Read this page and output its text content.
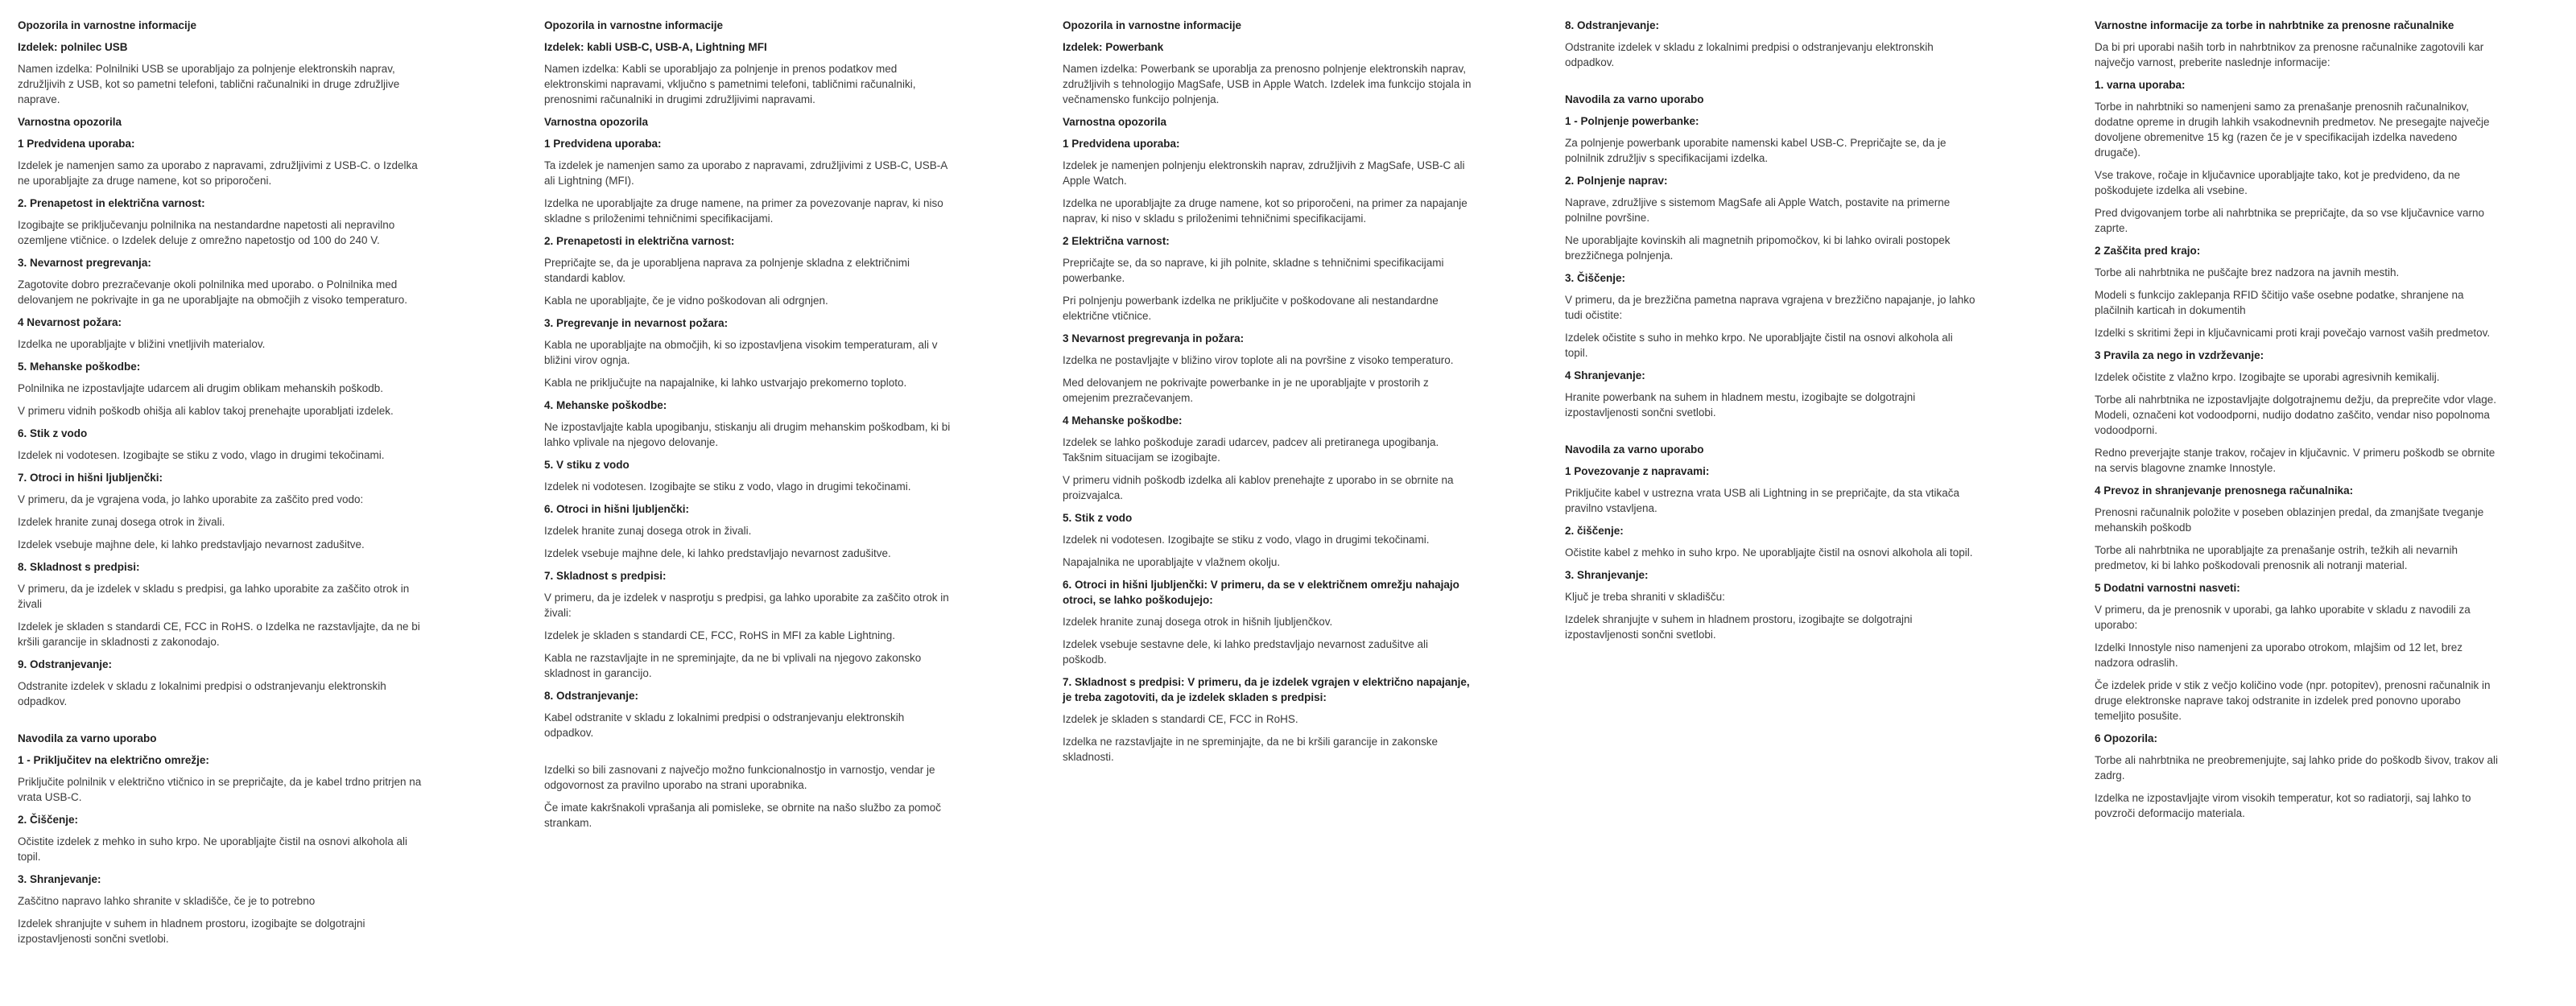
Opozorila in varnostne informacije
Izdelek: polnilec USB
Namen izdelka: Polnilniki USB se uporabljajo za polnjenje elektronskih naprav, združljivih z USB, kot so pametni telefoni, tablični računalniki in druge združljive naprave.
Varnostna opozorila
1 Predvidena uporaba:
Izdelek je namenjen samo za uporabo z napravami, združljivimi z USB-C. o Izdelka ne uporabljajte za druge namene, kot so priporočeni.
2. Prenapetost in električna varnost:
Izogibajte se priključevanju polnilnika na nestandardne napetosti ali nepravilno ozemljene vtičnice. o Izdelek deluje z omrežno napetostjo od 100 do 240 V.
3. Nevarnost pregrevanja:
Zagotovite dobro prezračevanje okoli polnilnika med uporabo. o Polnilnika med delovanjem ne pokrivajte in ga ne uporabljajte na območjih z visoko temperaturo.
4 Nevarnost požara:
Izdelka ne uporabljajte v bližini vnetljivih materialov.
5. Mehanske poškodbe:
Polnilnika ne izpostavljajte udarcem ali drugim oblikam mehanskih poškodb.
V primeru vidnih poškodb ohišja ali kablov takoj prenehajte uporabljati izdelek.
6. Stik z vodo
Izdelek ni vodotesen. Izogibajte se stiku z vodo, vlago in drugimi tekočinami.
7. Otroci in hišni ljubljenčki:
V primeru, da je vgrajena voda, jo lahko uporabite za zaščito pred vodo:
Izdelek hranite zunaj dosega otrok in živali.
Izdelek vsebuje majhne dele, ki lahko predstavljajo nevarnost zadušitve.
8. Skladnost s predpisi:
V primeru, da je izdelek v skladu s predpisi, ga lahko uporabite za zaščito otrok in živali
Izdelek je skladen s standardi CE, FCC in RoHS. o Izdelka ne razstavljajte, da ne bi kršili garancije in skladnosti z zakonodajo.
9. Odstranjevanje:
Odstranite izdelek v skladu z lokalnimi predpisi o odstranjevanju elektronskih odpadkov.
Navodila za varno uporabo
1 - Priključitev na električno omrežje:
Priključite polnilnik v električno vtičnico in se prepričajte, da je kabel trdno pritrjen na vrata USB-C.
2. Čiščenje:
Očistite izdelek z mehko in suho krpo. Ne uporabljajte čistil na osnovi alkohola ali topil.
3. Shranjevanje:
Zaščitno napravo lahko shranite v skladišče, če je to potrebno
Izdelek shranjujte v suhem in hladnem prostoru, izogibajte se dolgotrajni izpostavljenosti sončni svetlobi.
Opozorila in varnostne informacije
Izdelek: kabli USB-C, USB-A, Lightning MFI
Namen izdelka: Kabli se uporabljajo za polnjenje in prenos podatkov med elektronskimi napravami, vključno s pametnimi telefoni, tabličnimi računalniki, prenosnimi računalniki in drugimi združljivimi napravami.
Varnostna opozorila
1 Predvidena uporaba:
Ta izdelek je namenjen samo za uporabo z napravami, združljivimi z USB-C, USB-A ali Lightning (MFI).
Izdelka ne uporabljajte za druge namene, na primer za povezovanje naprav, ki niso skladne s priloženimi tehničnimi specifikacijami.
2. Prenapetosti in električna varnost:
Prepričajte se, da je uporabljena naprava za polnjenje skladna z električnimi standardi kablov.
Kabla ne uporabljajte, če je vidno poškodovan ali odrgnjen.
3. Pregrevanje in nevarnost požara:
Kabla ne uporabljajte na območjih, ki so izpostavljena visokim temperaturam, ali v bližini virov ognja.
Kabla ne priključujte na napajalnike, ki lahko ustvarjajo prekomerno toploto.
4. Mehanske poškodbe:
Ne izpostavljajte kabla upogibanju, stiskanju ali drugim mehanskim poškodbam, ki bi lahko vplivale na njegovo delovanje.
5. V stiku z vodo
Izdelek ni vodotesen. Izogibajte se stiku z vodo, vlago in drugimi tekočinami.
6. Otroci in hišni ljubljenčki:
Izdelek hranite zunaj dosega otrok in živali.
Izdelek vsebuje majhne dele, ki lahko predstavljajo nevarnost zadušitve.
7. Skladnost s predpisi:
V primeru, da je izdelek v nasprotju s predpisi, ga lahko uporabite za zaščito otrok in živali:
Izdelek je skladen s standardi CE, FCC, RoHS in MFI za kable Lightning.
Kabla ne razstavljajte in ne spreminjajte, da ne bi vplivali na njegovo zakonsko skladnost in garancijo.
8. Odstranjevanje:
Kabel odstranite v skladu z lokalnimi predpisi o odstranjevanju elektronskih odpadkov.
Izdelki so bili zasnovani z največjo možno funkcionalnostjo in varnostjo, vendar je odgovornost za pravilno uporabo na strani uporabnika.
Če imate kakršnakoli vprašanja ali pomisleke, se obrnite na našo službo za pomoč strankam.
Opozorila in varnostne informacije
Izdelek: Powerbank
Namen izdelka: Powerbank se uporablja za prenosno polnjenje elektronskih naprav, združljivih s tehnologijo MagSafe, USB in Apple Watch. Izdelek ima funkcijo stojala in večnamensko funkcijo polnjenja.
Varnostna opozorila
1 Predvidena uporaba:
Izdelek je namenjen polnjenju elektronskih naprav, združljivih z MagSafe, USB-C ali Apple Watch.
Izdelka ne uporabljajte za druge namene, kot so priporočeni, na primer za napajanje naprav, ki niso v skladu s priloženimi tehničnimi specifikacijami.
2 Električna varnost:
Prepričajte se, da so naprave, ki jih polnite, skladne s tehničnimi specifikacijami powerbanke.
Pri polnjenju powerbank izdelka ne priključite v poškodovane ali nestandardne električne vtičnice.
3 Nevarnost pregrevanja in požara:
Izdelka ne postavljajte v bližino virov toplote ali na površine z visoko temperaturo.
Med delovanjem ne pokrivajte powerbanke in je ne uporabljajte v prostorih z omejenim prezračevanjem.
4 Mehanske poškodbe:
Izdelek se lahko poškoduje zaradi udarcev, padcev ali pretiranega upogibanja. Takšnim situacijam se izogibajte.
V primeru vidnih poškodb izdelka ali kablov prenehajte z uporabo in se obrnite na proizvajalca.
5. Stik z vodo
Izdelek ni vodotesen. Izogibajte se stiku z vodo, vlago in drugimi tekočinami.
Napajalnika ne uporabljajte v vlažnem okolju.
6. Otroci in hišni ljubljenčki: V primeru, da se v električnem omrežju nahajajo otroci, se lahko poškodujejo:
Izdelek hranite zunaj dosega otrok in hišnih ljubljenčkov.
Izdelek vsebuje sestavne dele, ki lahko predstavljajo nevarnost zadušitve ali poškodb.
7. Skladnost s predpisi: V primeru, da je izdelek vgrajen v električno napajanje, je treba zagotoviti, da je izdelek skladen s predpisi:
Izdelek je skladen s standardi CE, FCC in RoHS.
Izdelka ne razstavljajte in ne spreminjajte, da ne bi kršili garancije in zakonske skladnosti.
8. Odstranjevanje:
Odstranite izdelek v skladu z lokalnimi predpisi o odstranjevanju elektronskih odpadkov.
Navodila za varno uporabo
1 - Polnjenje powerbanke:
Za polnjenje powerbank uporabite namenski kabel USB-C. Prepričajte se, da je polnilnik združljiv s specifikacijami izdelka.
2. Polnjenje naprav:
Naprave, združljive s sistemom MagSafe ali Apple Watch, postavite na primerne polnilne površine.
Ne uporabljajte kovinskih ali magnetnih pripomočkov, ki bi lahko ovirali postopek brezžičnega polnjenja.
3. Čiščenje:
V primeru, da je brezžična pametna naprava vgrajena v brezžično napajanje, jo lahko tudi očistite:
Izdelek očistite s suho in mehko krpo. Ne uporabljajte čistil na osnovi alkohola ali topil.
4 Shranjevanje:
Hranite powerbank na suhem in hladnem mestu, izogibajte se dolgotrajni izpostavljenosti sončni svetlobi.
Navodila za varno uporabo
1 Povezovanje z napravami:
Priključite kabel v ustrezna vrata USB ali Lightning in se prepričajte, da sta vtikača pravilno vstavljena.
2. čiščenje:
Očistite kabel z mehko in suho krpo. Ne uporabljajte čistil na osnovi alkohola ali topil.
3. Shranjevanje:
Ključ je treba shraniti v skladišču:
Izdelek shranjujte v suhem in hladnem prostoru, izogibajte se dolgotrajni izpostavljenosti sončni svetlobi.
Varnostne informacije za torbe in nahrbtnike za prenosne računalnike
Da bi pri uporabi naših torb in nahrbtnikov za prenosne računalnike zagotovili kar največjo varnost, preberite naslednje informacije:
1. varna uporaba:
Torbe in nahrbtniki so namenjeni samo za prenašanje prenosnih računalnikov, dodatne opreme in drugih lahkih vsakodnevnih predmetov. Ne presegajte največje dovoljene obremenitve 15 kg (razen če je v specifikacijah izdelka navedeno drugače).
Vse trakove, ročaje in ključavnice uporabljajte tako, kot je predvideno, da ne poškodujete izdelka ali vsebine.
Pred dvigovanjem torbe ali nahrbtnika se prepričajte, da so vse ključavnice varno zaprte.
2 Zaščita pred krajo:
Torbe ali nahrbtnika ne puščajte brez nadzora na javnih mestih.
Modeli s funkcijo zaklepanja RFID ščitijo vaše osebne podatke, shranjene na plačilnih karticah in dokumentih
Izdelki s skritimi žepi in ključavnicami proti kraji povečajo varnost vaših predmetov.
3 Pravila za nego in vzdrževanje:
Izdelek očistite z vlažno krpo. Izogibajte se uporabi agresivnih kemikalij.
Torbe ali nahrbtnika ne izpostavljajte dolgotrajnemu dežju, da preprečite vdor vlage. Modeli, označeni kot vodoodporni, nudijo dodatno zaščito, vendar niso popolnoma vodoodporni.
Redno preverjajte stanje trakov, ročajev in ključavnic. V primeru poškodb se obrnite na servis blagovne znamke Innostyle.
4 Prevoz in shranjevanje prenosnega računalnika:
Prenosni računalnik položite v poseben oblazinjen predal, da zmanjšate tveganje mehanskih poškodb
Torbe ali nahrbtnika ne uporabljajte za prenašanje ostrih, težkih ali nevarnih predmetov, ki bi lahko poškodovali prenosnik ali notranji material.
5 Dodatni varnostni nasveti:
V primeru, da je prenosnik v uporabi, ga lahko uporabite v skladu z navodili za uporabo:
Izdelki Innostyle niso namenjeni za uporabo otrokom, mlajšim od 12 let, brez nadzora odraslih.
Če izdelek pride v stik z večjo količino vode (npr. potopitev), prenosni računalnik in druge elektronske naprave takoj odstranite in izdelek pred ponovno uporabo temeljito posušite.
6 Opozorila:
Torbe ali nahrbtnika ne preobremenjujte, saj lahko pride do poškodb šivov, trakov ali zadrg.
Izdelka ne izpostavljajte virom visokih temperatur, kot so radiatorji, saj lahko to povzroči deformacijo materiala.
